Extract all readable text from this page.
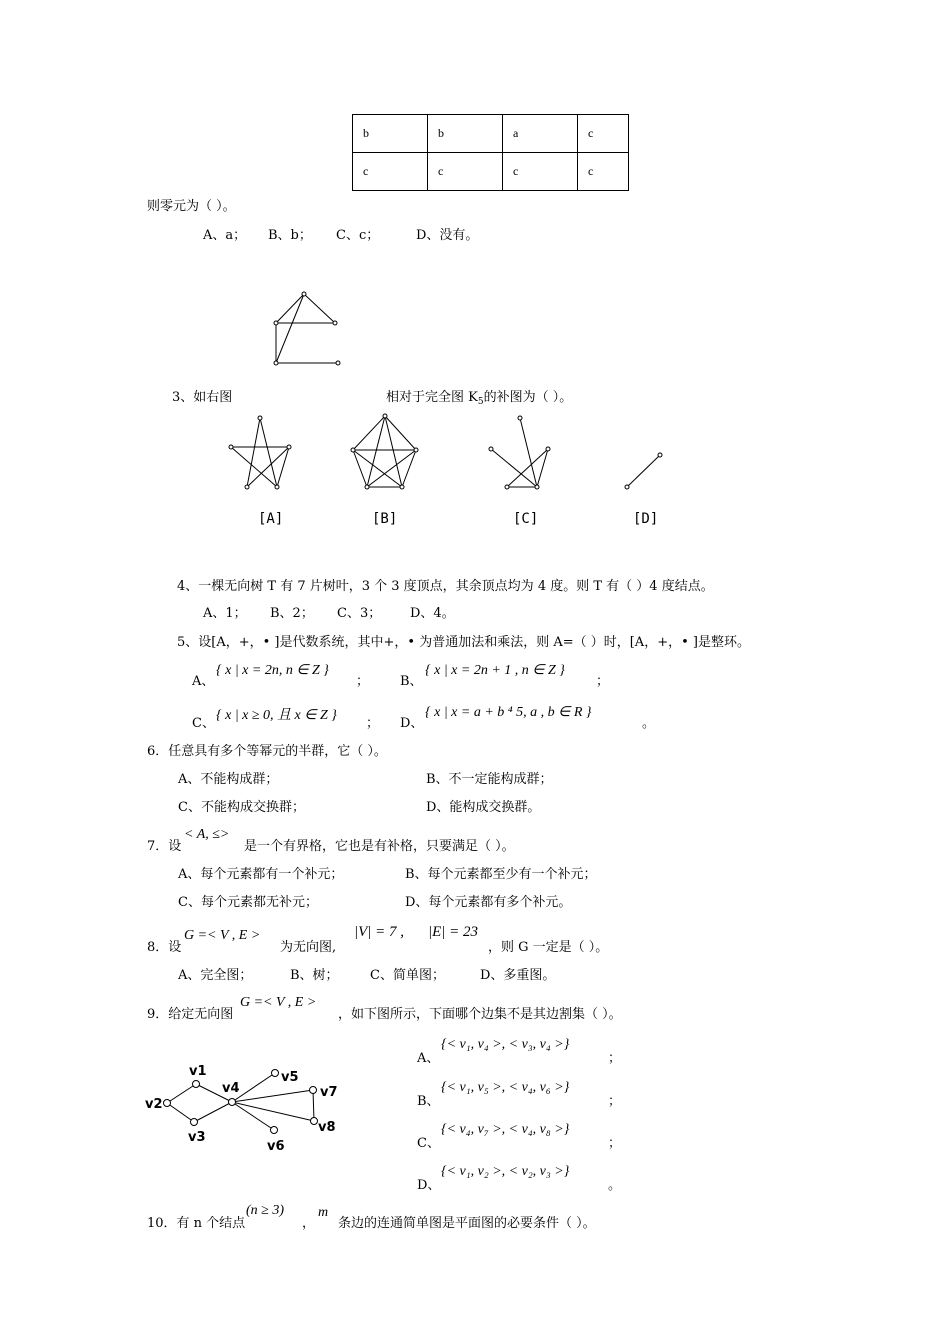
b	b	a	c
c	c	c	c
则零元为（ ）。
A、a； B、b； C、c；	D、没有。
3、如右图	相对于完全图 $K_5$的补图为（ ）。
[A]	[B]	[C]	[D]
4、一棵无向树 T 有 7 片树叶，3 个 3 度顶点，其余顶点均为 4 度。则 T 有（ ）4 度结点。
A、1； B、2； C、3； D、4。
5、设[A，+，• ]是代数系统，其中+，• 为普通加法和乘法，则 A=（ ）时，[A，+，• ]是整环。
A、
{ x | x = 2n, n ∈ Z }
； B、
{ x | x = 2n + 1 , n ∈ Z }
；
C、
{ x | x ≥ 0, 且 x ∈ Z }
； D、
{ x | x = a + b ⁴ 5, a , b ∈ R }
。
6．任意具有多个等幂元的半群，它（ ）。
A、不能构成群；	B、不一定能构成群；
C、不能构成交换群；	D、能构成交换群。
7．设
< A, ≤>
是一个有界格，它也是有补格，只要满足（ ）。
A、每个元素都有一个补元；	B、每个元素都至少有一个补元；
C、每个元素都无补元；	D、每个元素都有多个补元。
8．设
G =< V , E >
为无向图,
|V| = 7 , |E| = 23
，则 G 一定是（ ）。
A、完全图；	B、树； C、简单图；	D、多重图。
9．给定无向图
G =< V , E >
，如下图所示，下面哪个边集不是其边割集（ ）。
v1
v2
v3
v4
v5
v6
v7
v8
A、
{< v₁, v₄ >, < v₃, v₄ >}
；
B、
{< v₁, v₅ >, < v₄, v₆ >}
；
C、
{< v₄, v₇ >, < v₄, v₈ >}
；
D、
{< v₁, v₂ >, < v₂, v₃ >}
。
10．有 n 个结点
(n ≥ 3)
，
m
条边的连通简单图是平面图的必要条件（ ）。
